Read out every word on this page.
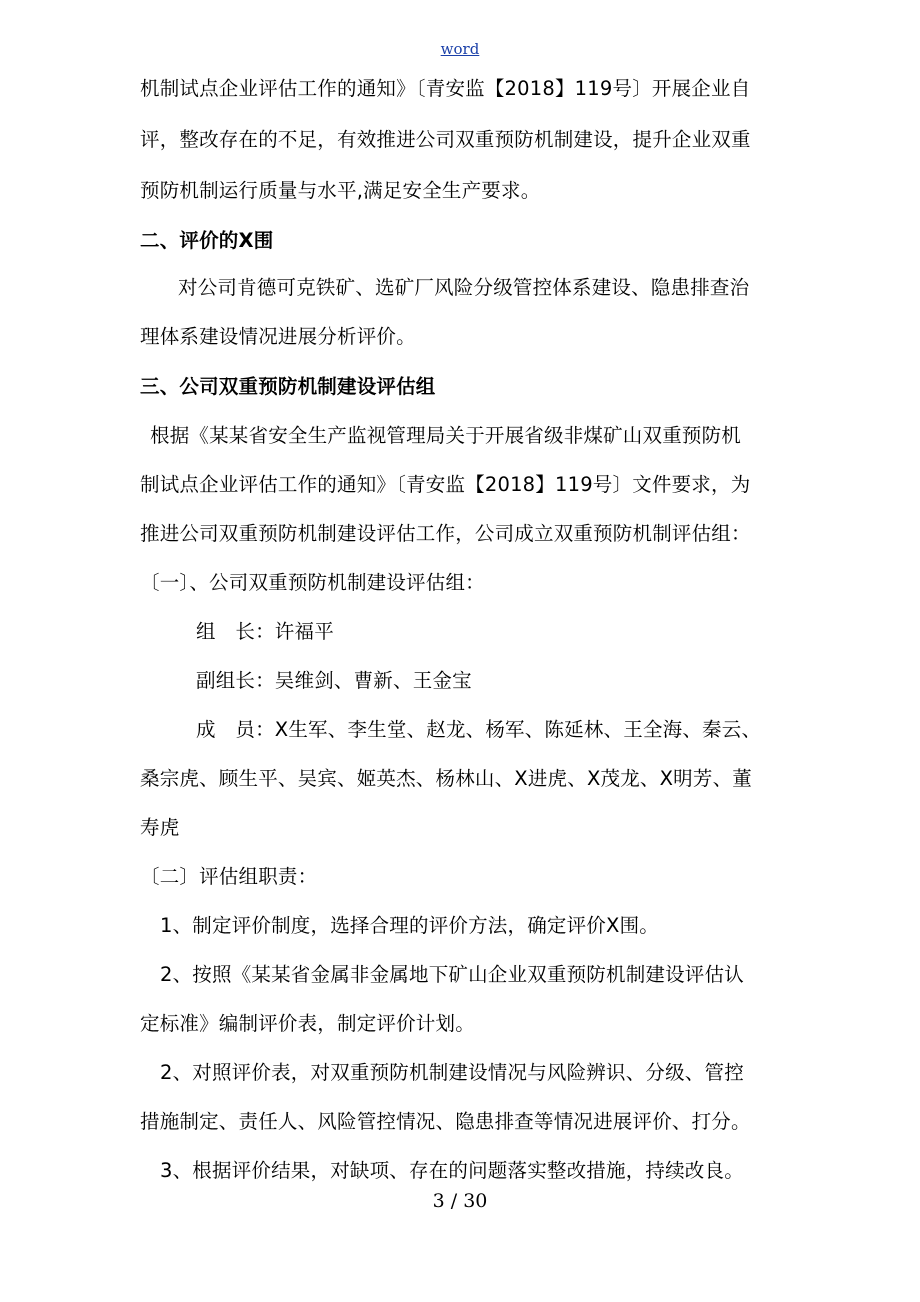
word
机制试点企业评估工作的通知》〔青安监【2018】119号〕开展企业自
评，整改存在的不足，有效推进公司双重预防机制建设，提升企业双重
预防机制运行质量与水平,满足安全生产要求。
二、评价的X围
对公司肯德可克铁矿、选矿厂风险分级管控体系建设、隐患排查治
理体系建设情况进展分析评价。
三、公司双重预防机制建设评估组
根据《某某省安全生产监视管理局关于开展省级非煤矿山双重预防机
制试点企业评估工作的通知》〔青安监【2018】119号〕文件要求，为
推进公司双重预防机制建设评估工作，公司成立双重预防机制评估组：
〔一〕、公司双重预防机制建设评估组：
组　长：许福平
副组长：吴维剑、曹新、王金宝
成　员：X生军、李生堂、赵龙、杨军、陈延林、王全海、秦云、
桑宗虎、顾生平、吴宾、姬英杰、杨林山、X进虎、X茂龙、X明芳、董
寿虎
〔二〕评估组职责：
1、制定评价制度，选择合理的评价方法，确定评价X围。
2、按照《某某省金属非金属地下矿山企业双重预防机制建设评估认
定标准》编制评价表，制定评价计划。
2、对照评价表，对双重预防机制建设情况与风险辨识、分级、管控
措施制定、责任人、风险管控情况、隐患排查等情况进展评价、打分。
3、根据评价结果，对缺项、存在的问题落实整改措施，持续改良。
3 / 30
